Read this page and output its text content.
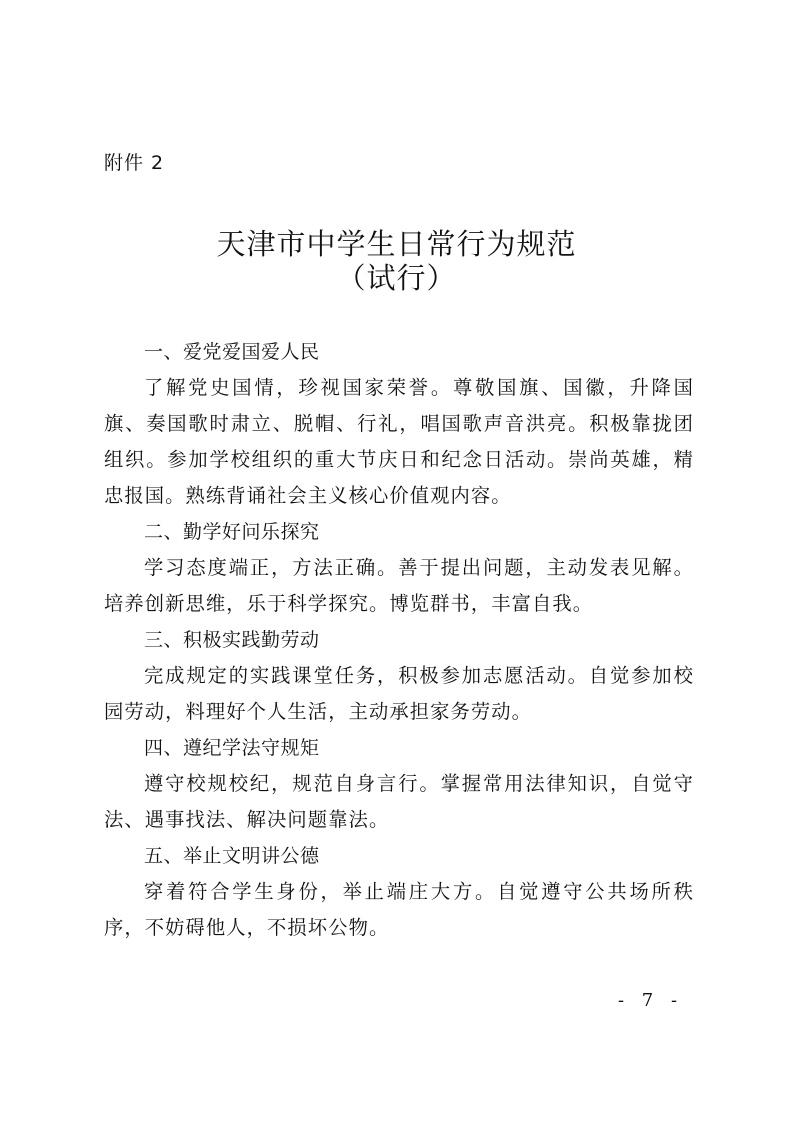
附件 2
天津市中学生日常行为规范
（试行）
一、爱党爱国爱人民

了解党史国情，珍视国家荣誉。尊敬国旗、国徽，升降国旗、奏国歌时肃立、脱帽、行礼，唱国歌声音洪亮。积极靠拢团组织。参加学校组织的重大节庆日和纪念日活动。崇尚英雄，精忠报国。熟练背诵社会主义核心价值观内容。

二、勤学好问乐探究

学习态度端正，方法正确。善于提出问题，主动发表见解。培养创新思维，乐于科学探究。博览群书，丰富自我。

三、积极实践勤劳动

完成规定的实践课堂任务，积极参加志愿活动。自觉参加校园劳动，料理好个人生活，主动承担家务劳动。

四、遵纪学法守规矩

遵守校规校纪，规范自身言行。掌握常用法律知识，自觉守法、遇事找法、解决问题靠法。

五、举止文明讲公德

穿着符合学生身份，举止端庄大方。自觉遵守公共场所秩序，不妨碍他人，不损坏公物。

- 7 -
